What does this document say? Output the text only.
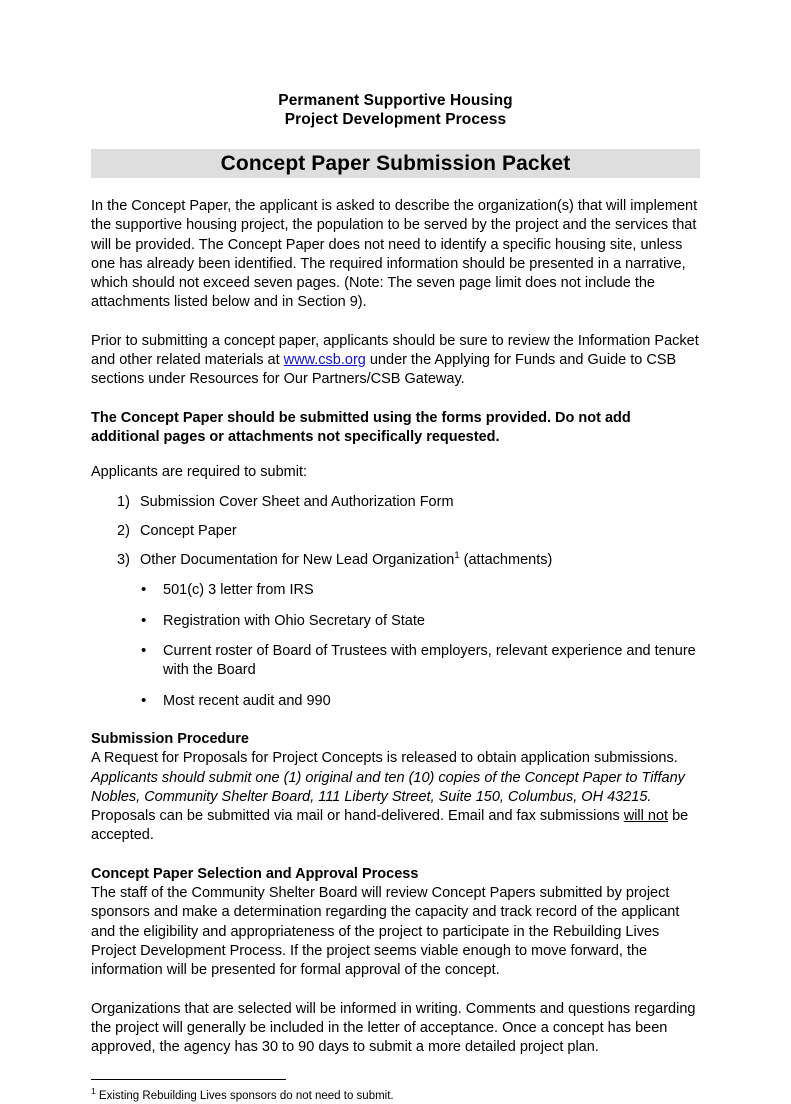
Permanent Supportive Housing
Project Development Process
Concept Paper Submission Packet

In the Concept Paper, the applicant is asked to describe the organization(s) that will implement the supportive housing project, the population to be served by the project and the services that will be provided. The Concept Paper does not need to identify a specific housing site, unless one has already been identified. The required information should be presented in a narrative, which should not exceed seven pages. (Note: The seven page limit does not include the attachments listed below and in Section 9).

Prior to submitting a concept paper, applicants should be sure to review the Information Packet and other related materials at www.csb.org under the Applying for Funds and Guide to CSB sections under Resources for Our Partners/CSB Gateway.

The Concept Paper should be submitted using the forms provided. Do not add additional pages or attachments not specifically requested.

Applicants are required to submit:

1) Submission Cover Sheet and Authorization Form
2) Concept Paper
3) Other Documentation for New Lead Organization$^1$ (attachments)
• 501(c) 3 letter from IRS
• Registration with Ohio Secretary of State
• Current roster of Board of Trustees with employers, relevant experience and tenure with the Board
• Most recent audit and 990
Submission Procedure

A Request for Proposals for Project Concepts is released to obtain application submissions. Applicants should submit one (1) original and ten (10) copies of the Concept Paper to Tiffany Nobles, Community Shelter Board, 111 Liberty Street, Suite 150, Columbus, OH 43215. Proposals can be submitted via mail or hand-delivered. Email and fax submissions will not be accepted.

Concept Paper Selection and Approval Process

The staff of the Community Shelter Board will review Concept Papers submitted by project sponsors and make a determination regarding the capacity and track record of the applicant and the eligibility and appropriateness of the project to participate in the Rebuilding Lives Project Development Process. If the project seems viable enough to move forward, the information will be presented for formal approval of the concept.

Organizations that are selected will be informed in writing. Comments and questions regarding the project will generally be included in the letter of acceptance. Once a concept has been approved, the agency has 30 to 90 days to submit a more detailed project plan.

$^1$ Existing Rebuilding Lives sponsors do not need to submit.
